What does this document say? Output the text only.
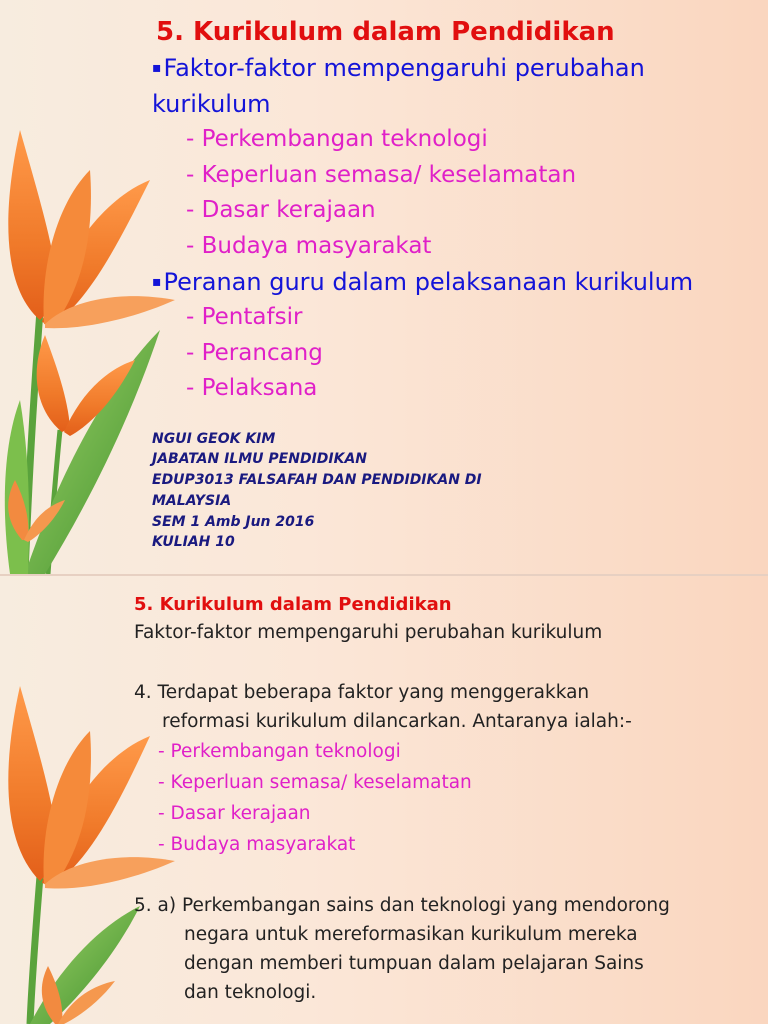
5. Kurikulum dalam Pendidikan
▪Faktor-faktor mempengaruhi perubahan kurikulum
- Perkembangan teknologi
- Keperluan semasa/ keselamatan
- Dasar kerajaan
- Budaya masyarakat
▪Peranan guru dalam pelaksanaan kurikulum
- Pentafsir
- Perancang
- Pelaksana
NGUI GEOK KIM
JABATAN ILMU PENDIDIKAN
EDUP3013 FALSAFAH DAN PENDIDIKAN DI
MALAYSIA
SEM 1 Amb Jun 2016
KULIAH 10
5. Kurikulum dalam Pendidikan
Faktor-faktor mempengaruhi perubahan kurikulum
4. Terdapat beberapa faktor yang menggerakkan
reformasi kurikulum dilancarkan. Antaranya ialah:-
- Perkembangan teknologi
- Keperluan semasa/ keselamatan
- Dasar kerajaan
- Budaya masyarakat
5. a) Perkembangan sains dan teknologi yang mendorong
negara untuk mereformasikan kurikulum mereka
dengan memberi tumpuan dalam pelajaran Sains
dan teknologi.
